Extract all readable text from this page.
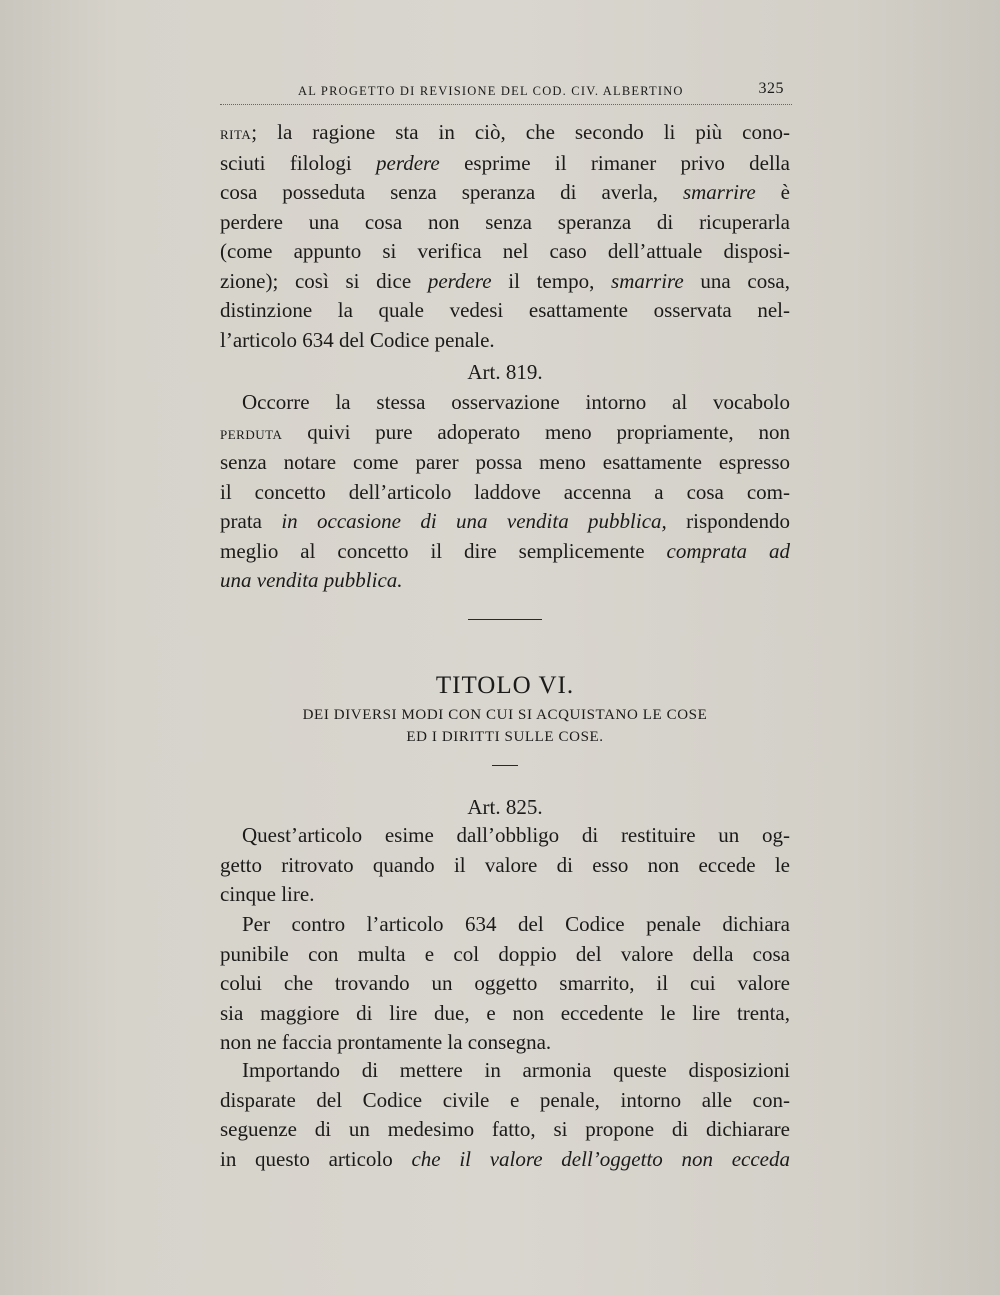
AL PROGETTO DI REVISIONE DEL COD. CIV. ALBERTINO	325
rita; la ragione sta in ciò, che secondo li più cono-
sciuti filologi perdere esprime il rimaner privo della
cosa posseduta senza speranza di averla, smarrire è
perdere una cosa non senza speranza di ricuperarla
(come appunto si verifica nel caso dell’attuale disposi-
zione); così si dice perdere il tempo, smarrire una cosa,
distinzione la quale vedesi esattamente osservata nel-
l’articolo 634 del Codice penale.
Art. 819.
Occorre la stessa osservazione intorno al vocabolo
perduta quivi pure adoperato meno propriamente, non
senza notare come parer possa meno esattamente espresso
il concetto dell’articolo laddove accenna a cosa com-
prata in occasione di una vendita pubblica, rispondendo
meglio al concetto il dire semplicemente comprata ad
una vendita pubblica.
TITOLO VI.
DEI DIVERSI MODI CON CUI SI ACQUISTANO LE COSE
ED I DIRITTI SULLE COSE.
Art. 825.
Quest’articolo esime dall’obbligo di restituire un og-
getto ritrovato quando il valore di esso non eccede le
cinque lire.
Per contro l’articolo 634 del Codice penale dichiara
punibile con multa e col doppio del valore della cosa
colui che trovando un oggetto smarrito, il cui valore
sia maggiore di lire due, e non eccedente le lire trenta,
non ne faccia prontamente la consegna.
Importando di mettere in armonia queste disposizioni
disparate del Codice civile e penale, intorno alle con-
seguenze di un medesimo fatto, si propone di dichiarare
in questo articolo che il valore dell’oggetto non ecceda
